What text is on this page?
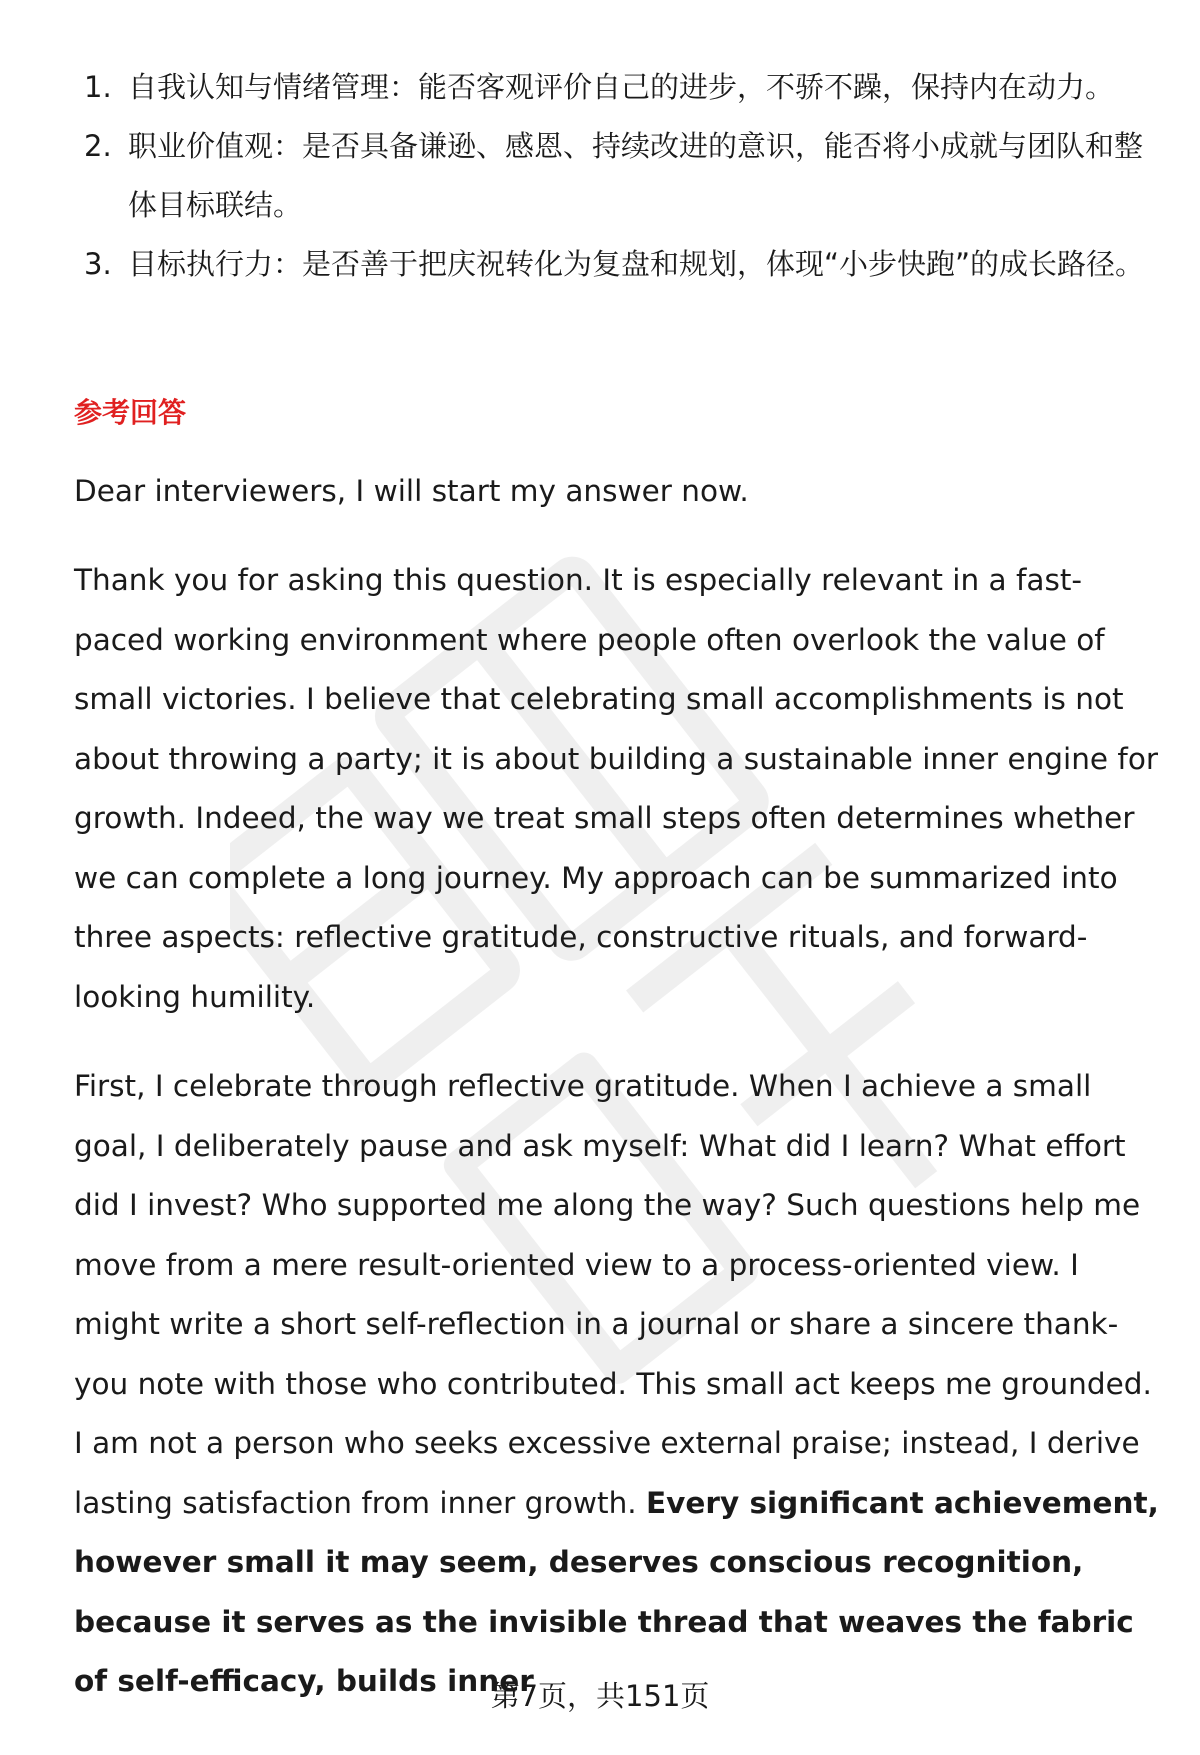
1. 自我认知与情绪管理：能否客观评价自己的进步，不骄不躁，保持内在动力。
2. 职业价值观：是否具备谦逊、感恩、持续改进的意识，能否将小成就与团队和整体目标联结。
3. 目标执行力：是否善于把庆祝转化为复盘和规划，体现“小步快跑”的成长路径。
参考回答

Dear interviewers, I will start my answer now.

Thank you for asking this question. It is especially relevant in a fast-paced working environment where people often overlook the value of small victories. I believe that celebrating small accomplishments is not about throwing a party; it is about building a sustainable inner engine for growth. Indeed, the way we treat small steps often determines whether we can complete a long journey. My approach can be summarized into three aspects: reflective gratitude, constructive rituals, and forward-looking humility.

First, I celebrate through reflective gratitude. When I achieve a small goal, I deliberately pause and ask myself: What did I learn? What effort did I invest? Who supported me along the way? Such questions help me move from a mere result-oriented view to a process-oriented view. I might write a short self-reflection in a journal or share a sincere thank-you note with those who contributed. This small act keeps me grounded. I am not a person who seeks excessive external praise; instead, I derive lasting satisfaction from inner growth. Every significant achievement, however small it may seem, deserves conscious recognition, because it serves as the invisible thread that weaves the fabric of self-efficacy, builds inner

第7页，共151页
